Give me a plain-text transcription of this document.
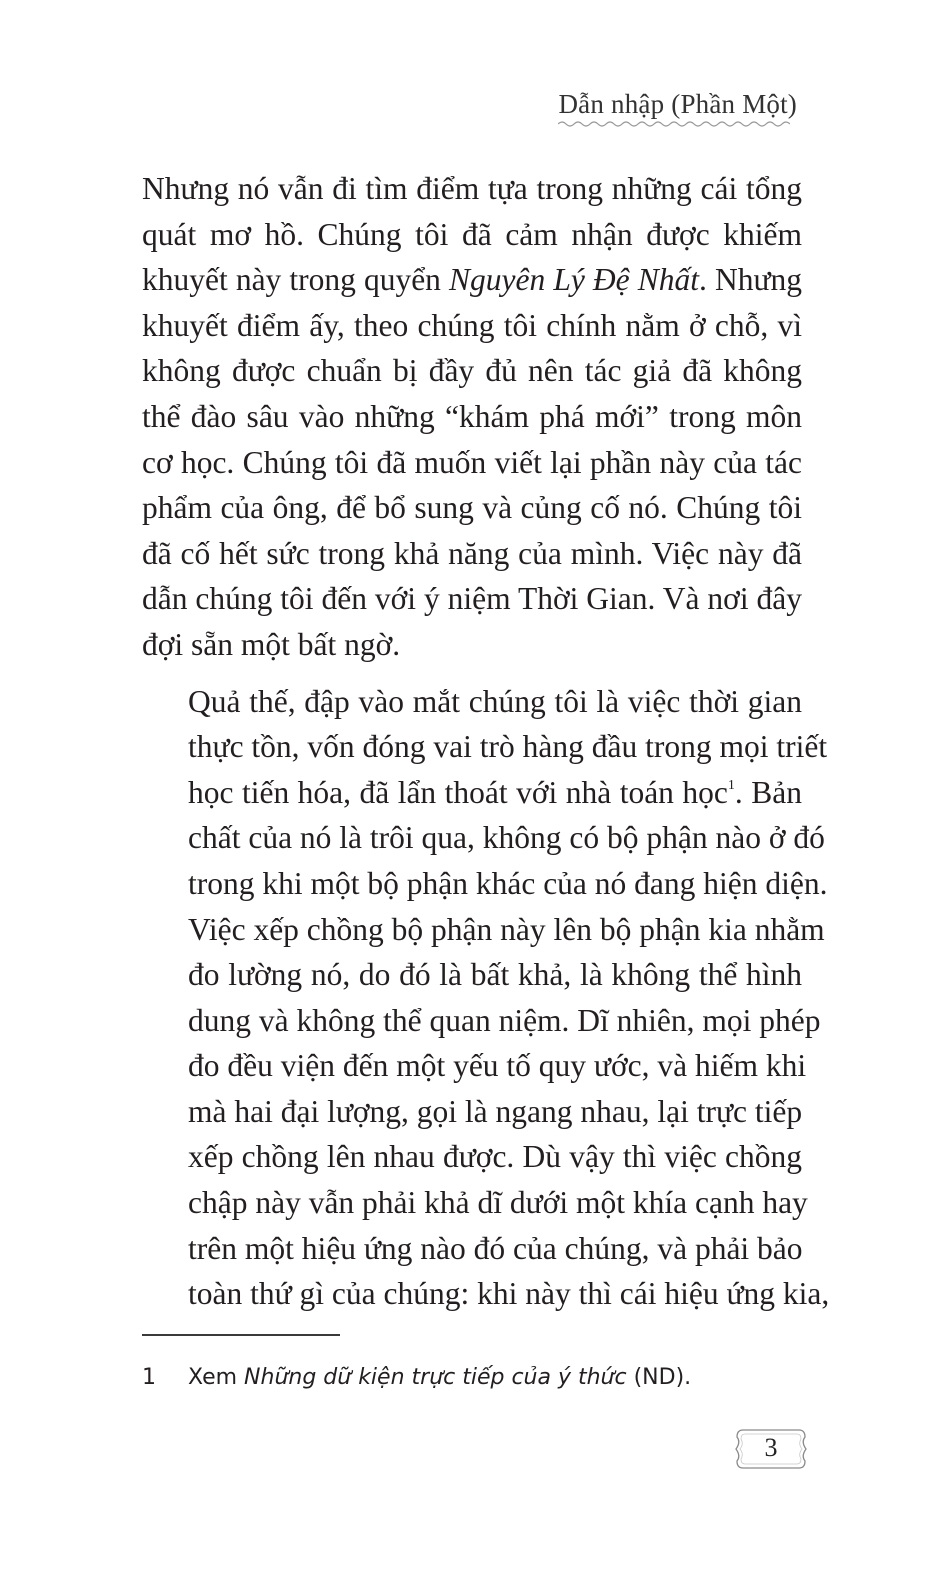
Dẫn nhập (Phần Một)

Nhưng nó vẫn đi tìm điểm tựa trong những cái tổng
quát mơ hồ. Chúng tôi đã cảm nhận được khiếm
khuyết này trong quyển Nguyên Lý Đệ Nhất. Nhưng
khuyết điểm ấy, theo chúng tôi chính nằm ở chỗ, vì
không được chuẩn bị đầy đủ nên tác giả đã không
thể đào sâu vào những “khám phá mới” trong môn
cơ học. Chúng tôi đã muốn viết lại phần này của tác
phẩm của ông, để bổ sung và củng cố nó. Chúng tôi
đã cố hết sức trong khả năng của mình. Việc này đã
dẫn chúng tôi đến với ý niệm Thời Gian. Và nơi đây
đợi sẵn một bất ngờ.

Quả thế, đập vào mắt chúng tôi là việc thời gian
thực tồn, vốn đóng vai trò hàng đầu trong mọi triết
học tiến hóa, đã lẩn thoát với nhà toán học$^1$. Bản
chất của nó là trôi qua, không có bộ phận nào ở đó
trong khi một bộ phận khác của nó đang hiện diện.
Việc xếp chồng bộ phận này lên bộ phận kia nhằm
đo lường nó, do đó là bất khả, là không thể hình
dung và không thể quan niệm. Dĩ nhiên, mọi phép
đo đều viện đến một yếu tố quy ước, và hiếm khi
mà hai đại lượng, gọi là ngang nhau, lại trực tiếp
xếp chồng lên nhau được. Dù vậy thì việc chồng
chập này vẫn phải khả dĩ dưới một khía cạnh hay
trên một hiệu ứng nào đó của chúng, và phải bảo
toàn thứ gì của chúng: khi này thì cái hiệu ứng kia,

1 Xem Những dữ kiện trực tiếp của ý thức (ND).
3
